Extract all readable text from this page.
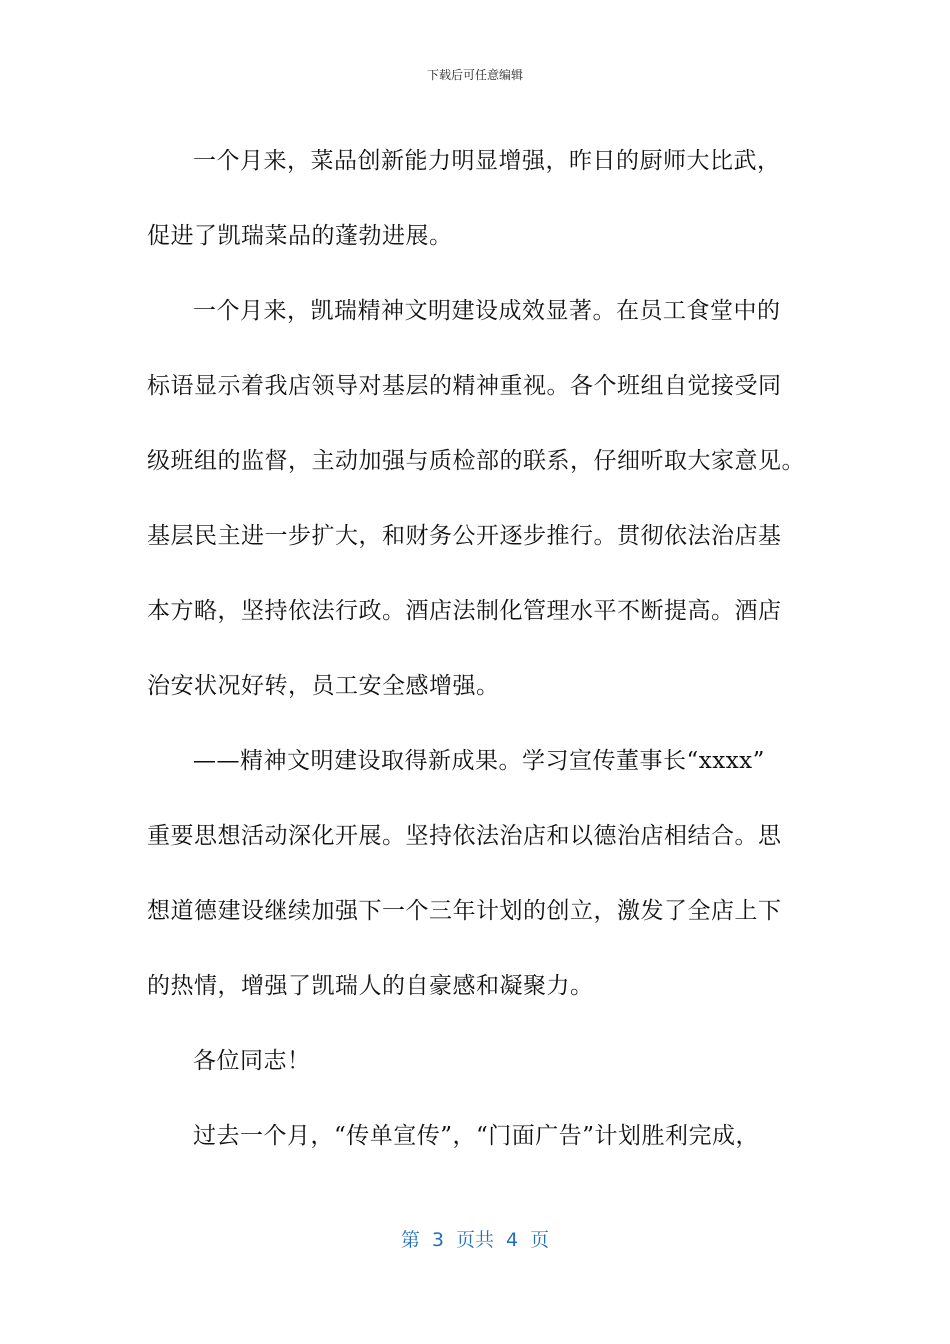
下载后可任意编辑
一个月来，菜品创新能力明显增强，昨日的厨师大比武，
促进了凯瑞菜品的蓬勃进展。
一个月来，凯瑞精神文明建设成效显著。在员工食堂中的
标语显示着我店领导对基层的精神重视。各个班组自觉接受同
级班组的监督，主动加强与质检部的联系，仔细听取大家意见。
基层民主进一步扩大，和财务公开逐步推行。贯彻依法治店基
本方略，坚持依法行政。酒店法制化管理水平不断提高。酒店
治安状况好转，员工安全感增强。
——精神文明建设取得新成果。学习宣传董事长“xxxx”
重要思想活动深化开展。坚持依法治店和以德治店相结合。思
想道德建设继续加强下一个三年计划的创立，激发了全店上下
的热情，增强了凯瑞人的自豪感和凝聚力。
各位同志！
过去一个月，“传单宣传”，“门面广告”计划胜利完成，
第 3 页共 4 页
